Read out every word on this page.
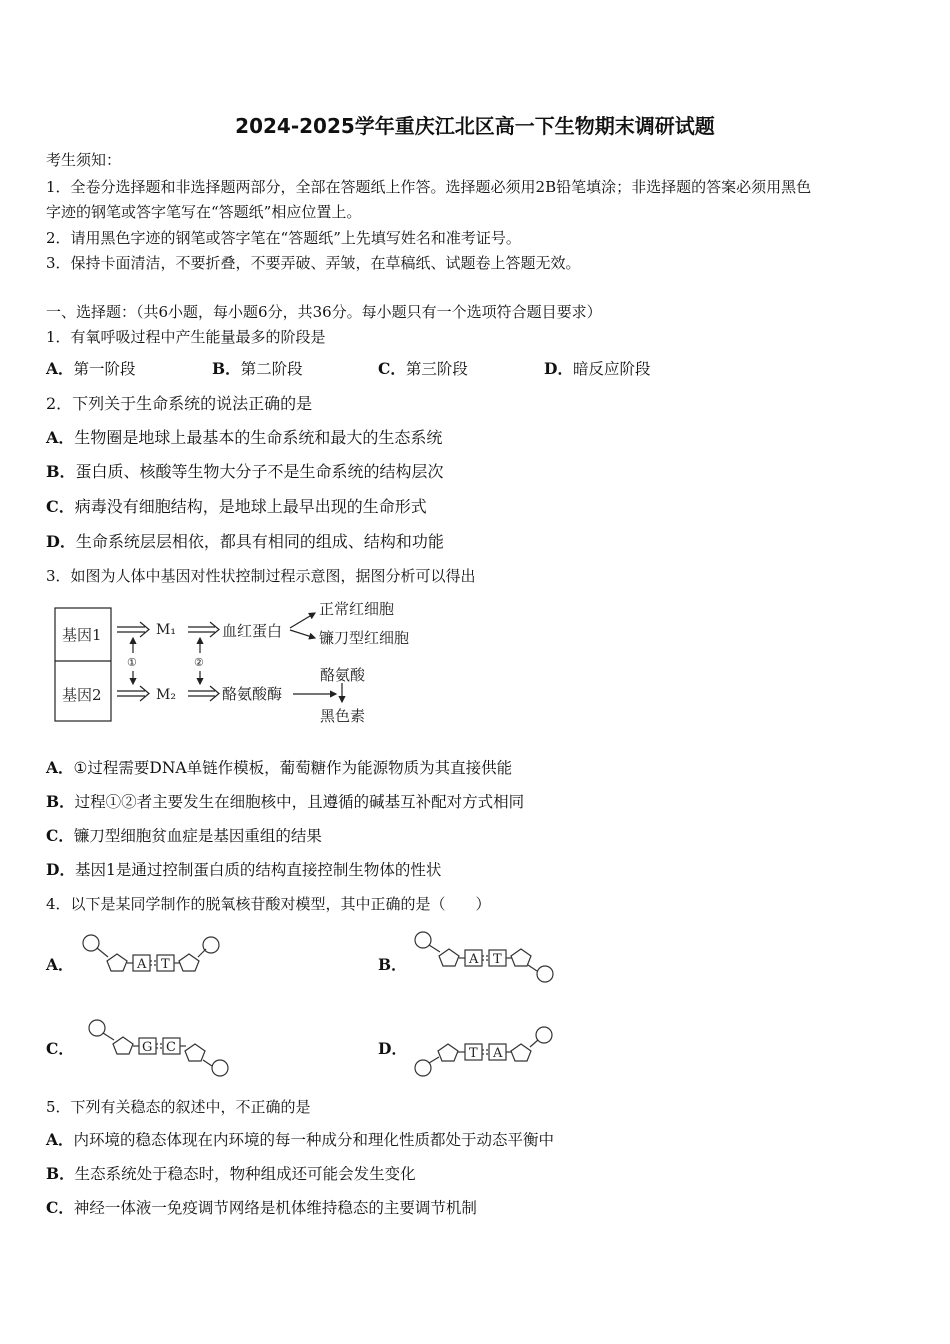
2024-2025学年重庆江北区高一下生物期末调研试题
考生须知：
1．全卷分选择题和非选择题两部分，全部在答题纸上作答。选择题必须用2B铅笔填涂；非选择题的答案必须用黑色
字迹的钢笔或答字笔写在“答题纸”相应位置上。
2．请用黑色字迹的钢笔或答字笔在“答题纸”上先填写姓名和准考证号。
3．保持卡面清洁，不要折叠，不要弄破、弄皱，在草稿纸、试题卷上答题无效。
一、选择题：（共6小题，每小题6分，共36分。每小题只有一个选项符合题目要求）
1．有氧呼吸过程中产生能量最多的阶段是
A．第一阶段	B．第二阶段	C．第三阶段	D．暗反应阶段
2．下列关于生命系统的说法正确的是
A．生物圈是地球上最基本的生命系统和最大的生态系统
B．蛋白质、核酸等生物大分子不是生命系统的结构层次
C．病毒没有细胞结构，是地球上最早出现的生命形式
D．生命系统层层相依，都具有相同的组成、结构和功能
3．如图为人体中基因对性状控制过程示意图，据图分析可以得出
基因1
基因2
M₁
M₂
血红蛋白
正常红细胞
镰刀型红细胞
酪氨酸酶
酪氨酸
黑色素
①	②
A．①过程需要DNA单链作模板，葡萄糖作为能源物质为其直接供能
B．过程①②者主要发生在细胞核中，且遵循的碱基互补配对方式相同
C．镰刀型细胞贫血症是基因重组的结果
D．基因1是通过控制蛋白质的结构直接控制生物体的性状
4．以下是某同学制作的脱氧核苷酸对模型，其中正确的是（　　）
A．	A T	B．	A T
C．	G C	D．	T A
5．下列有关稳态的叙述中，不正确的是
A．内环境的稳态体现在内环境的每一种成分和理化性质都处于动态平衡中
B．生态系统处于稳态时，物种组成还可能会发生变化
C．神经一体液一免疫调节网络是机体维持稳态的主要调节机制
